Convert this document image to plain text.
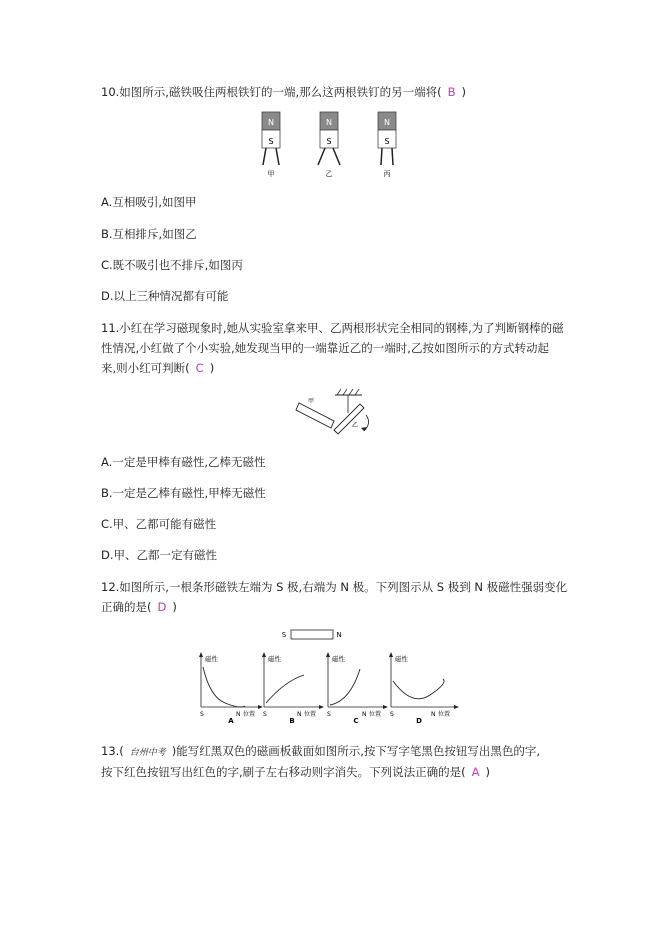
10.如图所示,磁铁吸住两根铁钉的一端,那么这两根铁钉的另一端将( B )
N
S
甲
N
S
乙
N
S
丙
A.互相吸引,如图甲
B.互相排斥,如图乙
C.既不吸引也不排斥,如图丙
D.以上三种情况都有可能
11.小红在学习磁现象时,她从实验室拿来甲、乙两根形状完全相同的钢棒,为了判断钢棒的磁
性情况,小红做了个小实验,她发现当甲的一端靠近乙的一端时,乙按如图所示的方式转动起
来,则小红可判断( C )
甲
乙
A.一定是甲棒有磁性,乙棒无磁性
B.一定是乙棒有磁性,甲棒无磁性
C.甲、乙都可能有磁性
D.甲、乙都一定有磁性
12.如图所示,一根条形磁铁左端为 S 极,右端为 N 极。下列图示从 S 极到 N 极磁性强弱变化
正确的是( D )
S	N
磁性
S	N 位置
A
磁性
S	N 位置
B
磁性
S	N 位置
C
磁性
S	N 位置
D
13.( 台州中考 )能写红黑双色的磁画板截面如图所示,按下写字笔黑色按钮写出黑色的字,
按下红色按钮写出红色的字,刷子左右移动则字消失。下列说法正确的是( A )
